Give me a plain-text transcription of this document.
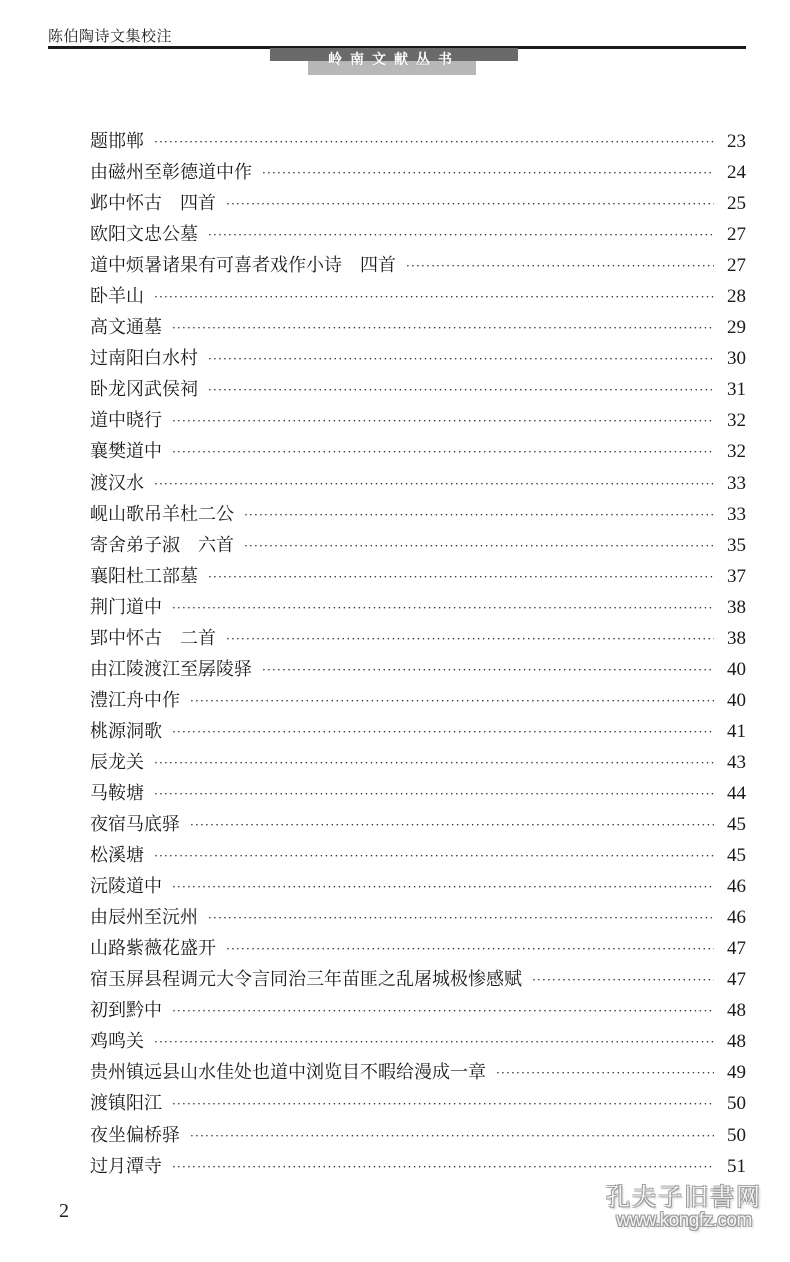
陈伯陶诗文集校注
岭南文献丛书
题邯郸 ·····	23
由磁州至彰德道中作 ·····	24
邺中怀古　四首 ·····	25
欧阳文忠公墓 ·····	27
道中烦暑诸果有可喜者戏作小诗　四首 ·····	27
卧羊山 ·····	28
高文通墓 ·····	29
过南阳白水村 ·····	30
卧龙冈武侯祠 ·····	31
道中晓行 ·····	32
襄樊道中 ·····	32
渡汉水 ·····	33
岘山歌吊羊杜二公 ·····	33
寄舍弟子淑　六首 ·····	35
襄阳杜工部墓 ·····	37
荆门道中 ·····	38
郢中怀古　二首 ·····	38
由江陵渡江至孱陵驿 ·····	40
澧江舟中作 ·····	40
桃源洞歌 ·····	41
辰龙关 ·····	43
马鞍塘 ·····	44
夜宿马底驿 ·····	45
松溪塘 ·····	45
沅陵道中 ·····	46
由辰州至沅州 ·····	46
山路紫薇花盛开 ·····	47
宿玉屏县程调元大令言同治三年苗匪之乱屠城极惨感赋 ·····	47
初到黔中 ·····	48
鸡鸣关 ·····	48
贵州镇远县山水佳处也道中浏览目不暇给漫成一章 ·····	49
渡镇阳江 ·····	50
夜坐偏桥驿 ·····	50
过月潭寺 ·····	51
2	孔夫子旧書网
www.kongfz.com
